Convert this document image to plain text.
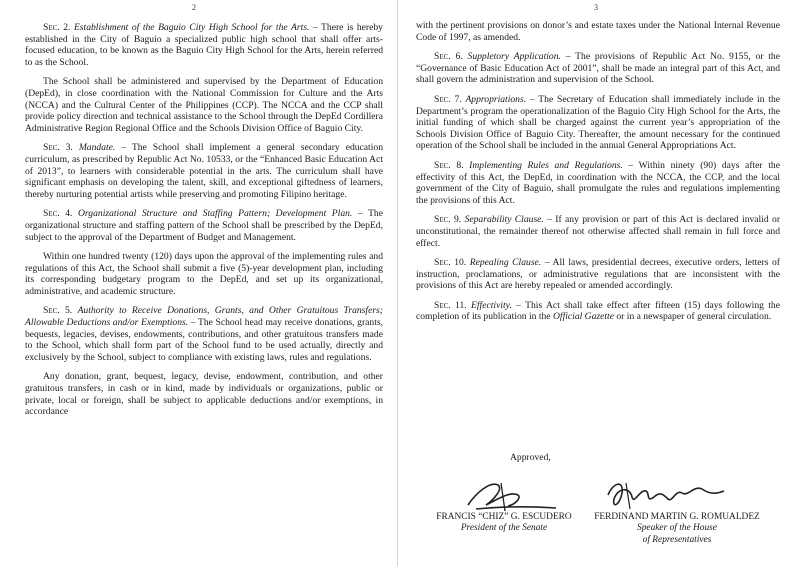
2

Sec. 2. Establishment of the Baguio City High School for the Arts. – There is hereby established in the City of Baguio a specialized public high school that shall offer arts-focused education, to be known as the Baguio City High School for the Arts, herein referred to as the School.

The School shall be administered and supervised by the Department of Education (DepEd), in close coordination with the National Commission for Culture and the Arts (NCCA) and the Cultural Center of the Philippines (CCP). The NCCA and the CCP shall provide policy direction and technical assistance to the School through the DepEd Cordillera Administrative Region Regional Office and the Schools Division Office of Baguio City.

Sec. 3. Mandate. – The School shall implement a general secondary education curriculum, as prescribed by Republic Act No. 10533, or the “Enhanced Basic Education Act of 2013”, to learners with considerable potential in the arts. The curriculum shall have significant emphasis on developing the talent, skill, and exceptional giftedness of learners, thereby nurturing potential artists while preserving and promoting Filipino heritage.

Sec. 4. Organizational Structure and Staffing Pattern; Development Plan. – The organizational structure and staffing pattern of the School shall be prescribed by the DepEd, subject to the approval of the Department of Budget and Management.

Within one hundred twenty (120) days upon the approval of the implementing rules and regulations of this Act, the School shall submit a five (5)-year development plan, including its corresponding budgetary program to the DepEd, and set up its organizational, administrative, and academic structure.

Sec. 5. Authority to Receive Donations, Grants, and Other Gratuitous Transfers; Allowable Deductions and/or Exemptions. – The School head may receive donations, grants, bequests, legacies, devises, endowments, contributions, and other gratuitous transfers made to the School, which shall form part of the School fund to be used actually, directly and exclusively by the School, subject to compliance with existing laws, rules and regulations.

Any donation, grant, bequest, legacy, devise, endowment, contribution, and other gratuitous transfers, in cash or in kind, made by individuals or organizations, public or private, local or foreign, shall be subject to applicable deductions and/or exemptions, in accordance

3

with the pertinent provisions on donor’s and estate taxes under the National Internal Revenue Code of 1997, as amended.

Sec. 6. Suppletory Application. – The provisions of Republic Act No. 9155, or the “Governance of Basic Education Act of 2001”, shall be made an integral part of this Act, and shall govern the administration and supervision of the School.

Sec. 7. Appropriations. – The Secretary of Education shall immediately include in the Department’s program the operationalization of the Baguio City High School for the Arts, the initial funding of which shall be charged against the current year’s appropriation of the Schools Division Office of Baguio City. Thereafter, the amount necessary for the continued operation of the School shall be included in the annual General Appropriations Act.

Sec. 8. Implementing Rules and Regulations. – Within ninety (90) days after the effectivity of this Act, the DepEd, in coordination with the NCCA, the CCP, and the local government of the City of Baguio, shall promulgate the rules and regulations implementing the provisions of this Act.

Sec. 9. Separability Clause. – If any provision or part of this Act is declared invalid or unconstitutional, the remainder thereof not otherwise affected shall remain in full force and effect.

Sec. 10. Repealing Clause. – All laws, presidential decrees, executive orders, letters of instruction, proclamations, or administrative regulations that are inconsistent with the provisions of this Act are hereby repealed or amended accordingly.

Sec. 11. Effectivity. – This Act shall take effect after fifteen (15) days following the completion of its publication in the Official Gazette or in a newspaper of general circulation.

Approved,
FRANCIS “CHIZ” G. ESCUDERO
President of the Senate
FERDINAND MARTIN G. ROMUALDEZ
Speaker of the House
of Representatives
